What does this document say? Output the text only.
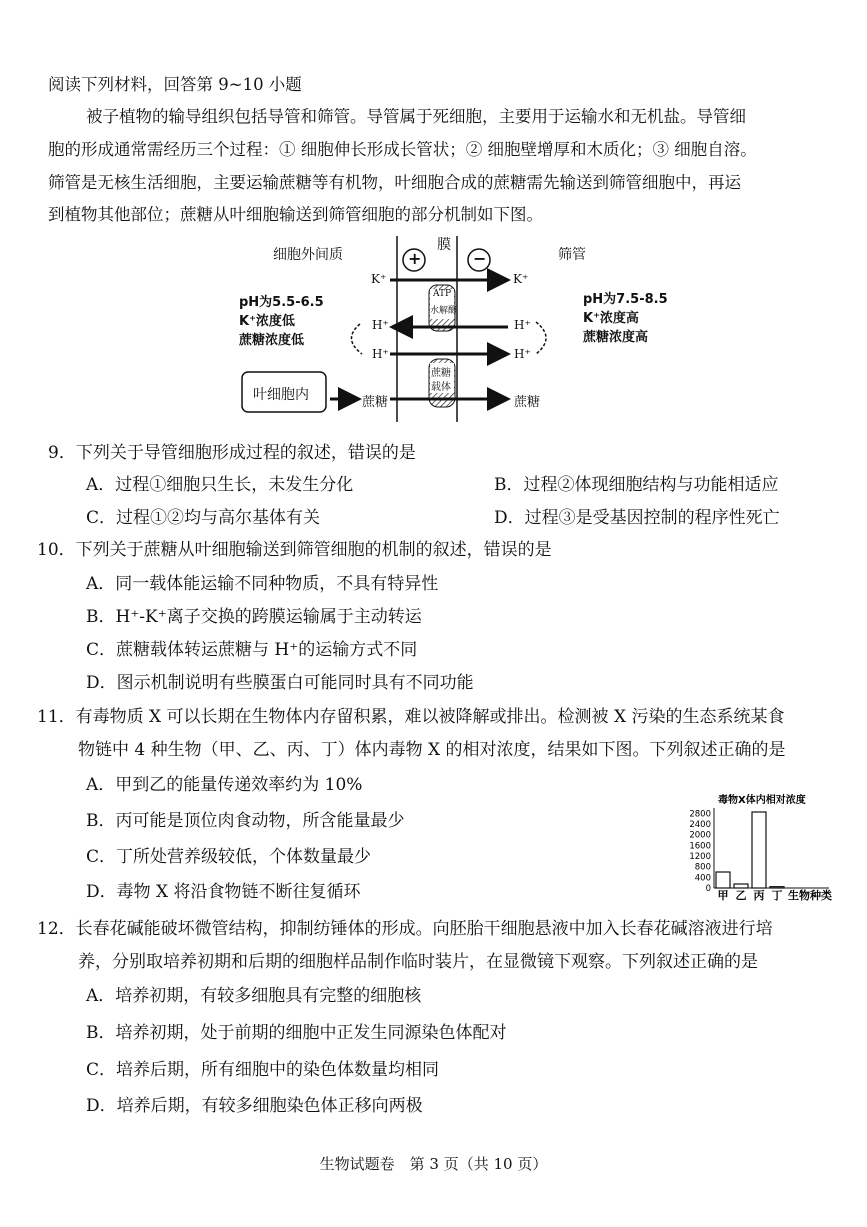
阅读下列材料，回答第 9~10 小题
被子植物的输导组织包括导管和筛管。导管属于死细胞，主要用于运输水和无机盐。导管细
胞的形成通常需经历三个过程：① 细胞伸长形成长管状；② 细胞壁增厚和木质化；③ 细胞自溶。
筛管是无核生活细胞，主要运输蔗糖等有机物，叶细胞合成的蔗糖需先输送到筛管细胞中，再运
到植物其他部位；蔗糖从叶细胞输送到筛管细胞的部分机制如下图。
细胞外间质
膜
筛管
+	−
K⁺	K⁺
ATP
水解酶
H⁺	H⁺
H⁺	H⁺
蔗糖
载体
叶细胞内	蔗糖	蔗糖
pH为5.5-6.5
K⁺浓度低
蔗糖浓度低
pH为7.5-8.5
K⁺浓度高
蔗糖浓度高
9．下列关于导管细胞形成过程的叙述，错误的是
A．过程①细胞只生长，未发生分化	B．过程②体现细胞结构与功能相适应
C．过程①②均与高尔基体有关	D．过程③是受基因控制的程序性死亡
10．下列关于蔗糖从叶细胞输送到筛管细胞的机制的叙述，错误的是
A．同一载体能运输不同种物质，不具有特异性
B．H⁺-K⁺离子交换的跨膜运输属于主动转运
C．蔗糖载体转运蔗糖与 H⁺的运输方式不同
D．图示机制说明有些膜蛋白可能同时具有不同功能
11．有毒物质 X 可以长期在生物体内存留积累，难以被降解或排出。检测被 X 污染的生态系统某食
物链中 4 种生物（甲、乙、丙、丁）体内毒物 X 的相对浓度，结果如下图。下列叙述正确的是
A．甲到乙的能量传递效率约为 10%
B．丙可能是顶位肉食动物，所含能量最少
C．丁所处营养级较低，个体数量最少
D．毒物 X 将沿食物链不断往复循环
毒物X体内相对浓度
0
400
800
1200
1600
2000
2400
2800
甲 乙 丙 丁 生物种类
12．长春花碱能破坏微管结构，抑制纺锤体的形成。向胚胎干细胞悬液中加入长春花碱溶液进行培
养，分别取培养初期和后期的细胞样品制作临时装片，在显微镜下观察。下列叙述正确的是
A．培养初期，有较多细胞具有完整的细胞核
B．培养初期，处于前期的细胞中正发生同源染色体配对
C．培养后期，所有细胞中的染色体数量均相同
D．培养后期，有较多细胞染色体正移向两极
生物试题卷　第 3 页（共 10 页）
